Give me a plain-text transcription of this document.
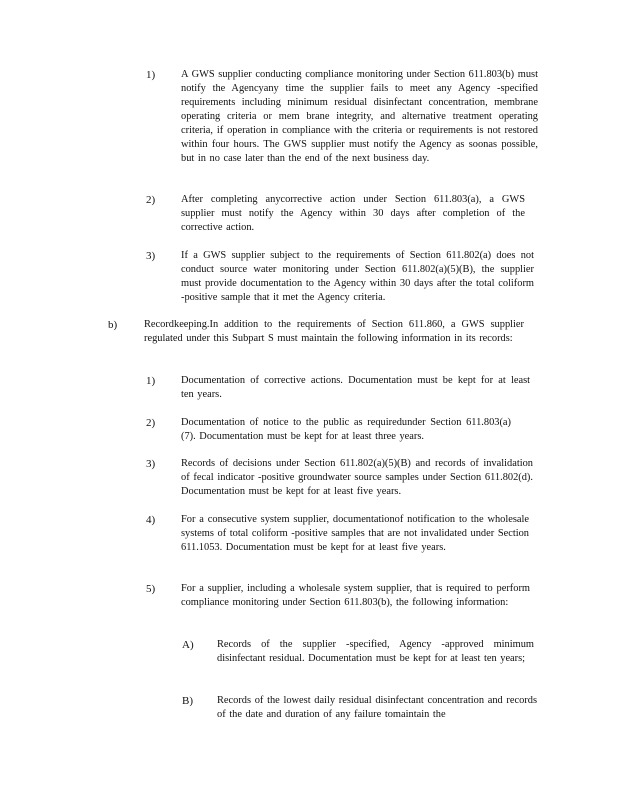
1) A GWS supplier conducting compliance monitoring under Section 611.803(b) must notify the Agencyany time the supplier fails to meet any Agency -specified requirements including minimum residual disinfectant concentration, membrane operating criteria or mem brane integrity, and alternative treatment operating criteria, if operation in compliance with the criteria or requirements is not restored within four hours. The GWS supplier must notify the Agency as soonas possible, but in no case later than the end of the next business day.
2) After completing anycorrective action under Section 611.803(a), a GWS supplier must notify the Agency within 30 days after completion of the corrective action.
3) If a GWS supplier subject to the requirements of Section 611.802(a) does not conduct source water monitoring under Section 611.802(a)(5)(B), the supplier must provide documentation to the Agency within 30 days after the total coliform -positive sample that it met the Agency criteria.
b)	Recordkeeping.In addition to the requirements of Section 611.860, a GWS supplier regulated under this Subpart S must maintain the following information in its records:
1) Documentation of corrective actions. Documentation must be kept for at least ten years.
2) Documentation of notice to the public as requiredunder Section 611.803(a)(7). Documentation must be kept for at least three years.
3) Records of decisions under Section 611.802(a)(5)(B) and records of invalidation of fecal indicator -positive groundwater source samples under Section 611.802(d). Documentation must be kept for at least five years.
4) For a consecutive system supplier, documentationof notification to the wholesale systems of total coliform -positive samples that are not invalidated under Section 611.1053. Documentation must be kept for at least five years.
5) For a supplier, including a wholesale system supplier, that is required to perform compliance monitoring under Section 611.803(b), the following information:
A) Records of the supplier -specified, Agency -approved minimum disinfectant residual. Documentation must be kept for at least ten years;
B) Records of the lowest daily residual disinfectant concentration and records of the date and duration of any failure tomaintain the
